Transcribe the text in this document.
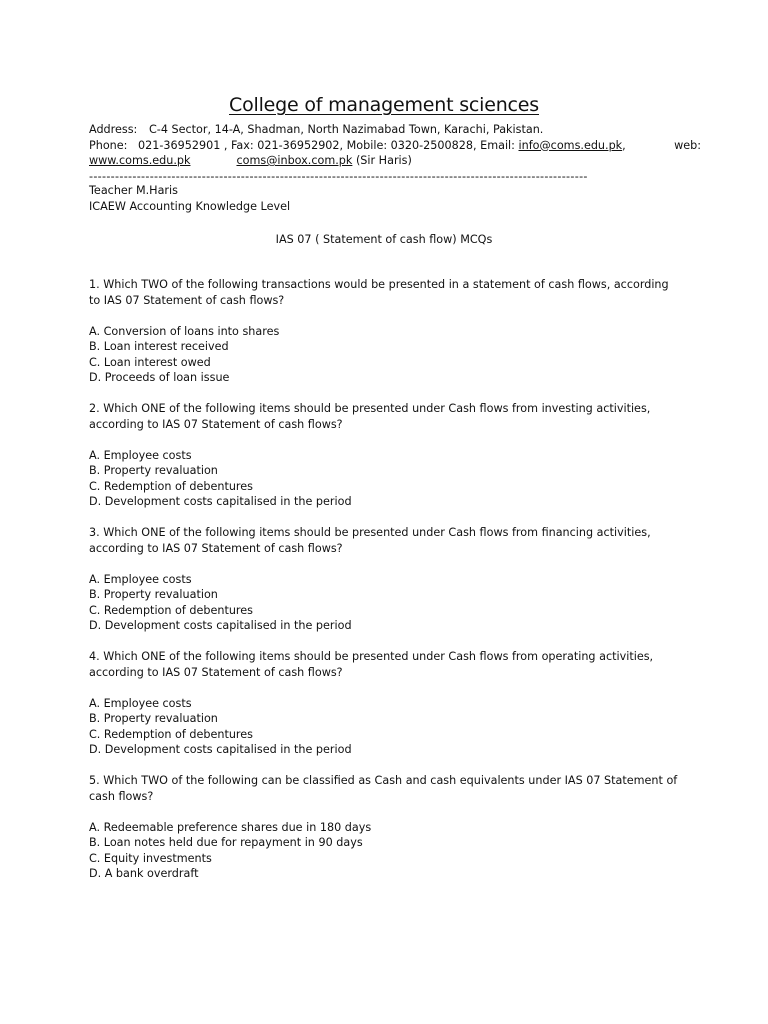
College of management sciences
Address: C-4 Sector, 14-A, Shadman, North Nazimabad Town, Karachi, Pakistan.
Phone: 021-36952901 , Fax: 021-36952902, Mobile: 0320-2500828, Email: info@coms.edu.pk,	web:
www.coms.edu.pk	coms@inbox.com.pk (Sir Haris)
-------------------------------------------------------------------------------------------------------------------
Teacher M.Haris
ICAEW Accounting Knowledge Level
IAS 07 ( Statement of cash flow) MCQs

1. Which TWO of the following transactions would be presented in a statement of cash flows, according to IAS 07 Statement of cash flows?

A. Conversion of loans into shares
B. Loan interest received
C. Loan interest owed
D. Proceeds of loan issue

2. Which ONE of the following items should be presented under Cash flows from investing activities, according to IAS 07 Statement of cash flows?

A. Employee costs
B. Property revaluation
C. Redemption of debentures
D. Development costs capitalised in the period

3. Which ONE of the following items should be presented under Cash flows from financing activities, according to IAS 07 Statement of cash flows?

A. Employee costs
B. Property revaluation
C. Redemption of debentures
D. Development costs capitalised in the period

4. Which ONE of the following items should be presented under Cash flows from operating activities, according to IAS 07 Statement of cash flows?

A. Employee costs
B. Property revaluation
C. Redemption of debentures
D. Development costs capitalised in the period

5. Which TWO of the following can be classified as Cash and cash equivalents under IAS 07 Statement of cash flows?

A. Redeemable preference shares due in 180 days
B. Loan notes held due for repayment in 90 days
C. Equity investments
D. A bank overdraft
